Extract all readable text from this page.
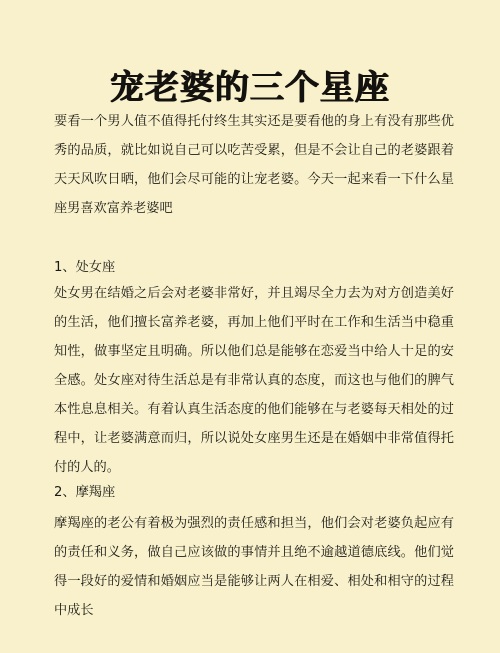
宠老婆的三个星座

要看一个男人值不值得托付终生其实还是要看他的身上有没有那些优秀的品质，就比如说自己可以吃苦受累，但是不会让自己的老婆跟着天天风吹日晒，他们会尽可能的让宠老婆。今天一起来看一下什么星座男喜欢富养老婆吧

1、处女座

处女男在结婚之后会对老婆非常好，并且竭尽全力去为对方创造美好的生活，他们擅长富养老婆，再加上他们平时在工作和生活当中稳重知性，做事坚定且明确。所以他们总是能够在恋爱当中给人十足的安全感。处女座对待生活总是有非常认真的态度，而这也与他们的脾气本性息息相关。有着认真生活态度的他们能够在与老婆每天相处的过程中，让老婆满意而归，所以说处女座男生还是在婚姻中非常值得托付的人的。

2、摩羯座

摩羯座的老公有着极为强烈的责任感和担当，他们会对老婆负起应有的责任和义务，做自己应该做的事情并且绝不逾越道德底线。他们觉得一段好的爱情和婚姻应当是能够让两人在相爱、相处和相守的过程中成长
